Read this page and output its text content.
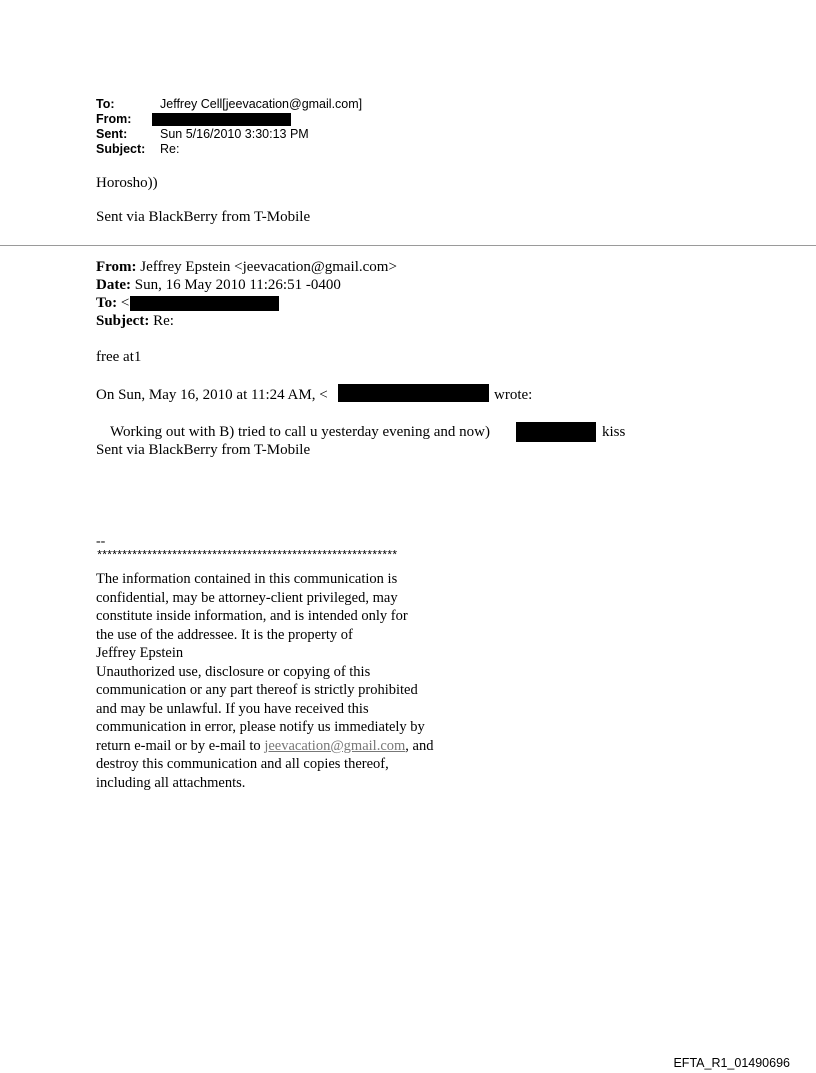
To:	Jeffrey Cell[jeevacation@gmail.com]
From:
Sent:	Sun 5/16/2010 3:30:13 PM
Subject: Re:
Horosho))
Sent via BlackBerry from T-Mobile
From: Jeffrey Epstein <jeevacation@gmail.com>
Date: Sun, 16 May 2010 11:26:51 -0400
To: <
Subject: Re:
free at1
On Sun, May 16, 2010 at 11:24 AM, <	wrote:
Working out with B) tried to call u yesterday evening and now)	kiss
Sent via BlackBerry from T-Mobile
--
************************************************************
The information contained in this communication is
confidential, may be attorney-client privileged, may
constitute inside information, and is intended only for
the use of the addressee. It is the property of
Jeffrey Epstein
Unauthorized use, disclosure or copying of this
communication or any part thereof is strictly prohibited
and may be unlawful. If you have received this
communication in error, please notify us immediately by
return e-mail or by e-mail to jeevacation@gmail.com, and
destroy this communication and all copies thereof,
including all attachments.
EFTA_R1_01490696
